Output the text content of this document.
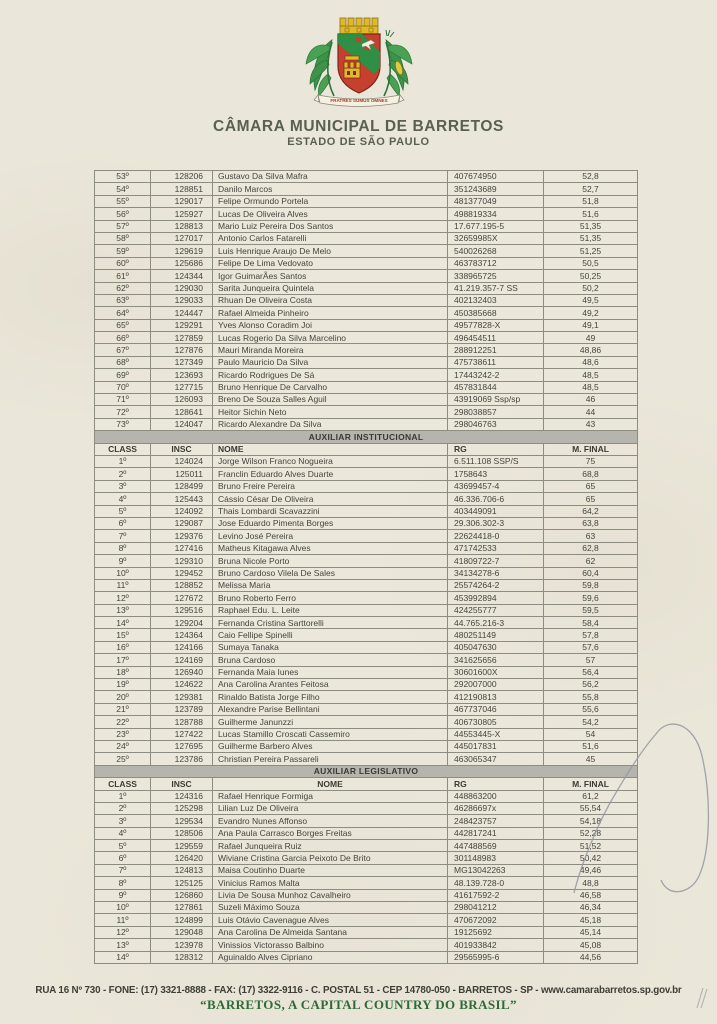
FRATRES SUMUS OMNES
CÂMARA MUNICIPAL DE BARRETOS
ESTADO DE SÃO PAULO
53º	128206	Gustavo Da Silva Mafra	407674950	52,8
54º	128851	Danilo Marcos	351243689	52,7
55º	129017	Felipe Ormundo Portela	481377049	51,8
56º	125927	Lucas De Oliveira Alves	498819334	51,6
57º	128813	Mario Luiz Pereira Dos Santos	17.677.195-5	51,35
58º	127017	Antonio Carlos Fatarelli	32659985X	51,35
59º	129619	Luis Henrique Araujo De Melo	540026268	51,25
60º	125686	Felipe De Lima Vedovato	463783712	50,5
61º	124344	Igor GuimarÃes Santos	338965725	50,25
62º	129030	Sarita Junqueira Quintela	41.219.357-7 SS	50,2
63º	129033	Rhuan De Oliveira Costa	402132403	49,5
64º	124447	Rafael Almeida Pinheiro	450385668	49,2
65º	129291	Yves Alonso Coradim Joi	49577828-X	49,1
66º	127859	Lucas Rogerio Da Silva Marcelino	496454511	49
67º	127876	Mauri Miranda Moreira	288912251	48,86
68º	127349	Paulo Mauricio Da Silva	475738611	48,6
69º	123693	Ricardo Rodrigues De Sá	17443242-2	48,5
70º	127715	Bruno Henrique De Carvalho	457831844	48,5
71º	126093	Breno De Souza Salles Aguil	43919069 Ssp/sp	46
72º	128641	Heitor Sichin Neto	298038857	44
73º	124047	Ricardo Alexandre Da Silva	298046763	43
AUXILIAR INSTITUCIONAL				
CLASS	INSC	NOME	RG	M. FINAL
1º	124024	Jorge Wilson Franco Nogueira	6.511.108 SSP/S	75
2º	125011	Franclin Eduardo Alves Duarte	1758643	68,8
3º	128499	Bruno Freire Pereira	43699457-4	65
4º	125443	Cássio César De Oliveira	46.336.706-6	65
5º	124092	Thais Lombardi Scavazzini	403449091	64,2
6º	129087	Jose Eduardo Pimenta Borges	29.306.302-3	63,8
7º	129376	Levino José Pereira	22624418-0	63
8º	127416	Matheus Kitagawa Alves	471742533	62,8
9º	129310	Bruna Nicole Porto	41809722-7	62
10º	129452	Bruno Cardoso Vilela De Sales	34134278-6	60,4
11º	128852	Melissa Maria	25574264-2	59,8
12º	127672	Bruno Roberto Ferro	453992894	59,6
13º	129516	Raphael Edu. L. Leite	424255777	59,5
14º	129204	Fernanda Cristina Sarttorelli	44.765.216-3	58,4
15º	124364	Caio Fellipe Spinelli	480251149	57,8
16º	124166	Sumaya Tanaka	405047630	57,6
17º	124169	Bruna Cardoso	341625656	57
18º	126940	Fernanda Maia Iunes	30601600X	56,4
19º	124622	Ana Carolina Arantes Feitosa	292007000	56,2
20º	129381	Rinaldo Batista Jorge Filho	412190813	55,8
21º	123789	Alexandre Parise Bellintani	467737046	55,6
22º	128788	Guilherme Janunzzi	406730805	54,2
23º	127422	Lucas Stamillo Croscati Cassemiro	44553445-X	54
24º	127695	Guilherme Barbero Alves	445017831	51,6
25º	123786	Christian Pereira Passareli	463065347	45
AUXILIAR LEGISLATIVO				
CLASS	INSC	NOME	RG	M. FINAL
1º	124316	Rafael Henrique Formiga	448863200	61,2
2º	125298	Lilian Luz De Oliveira	46286697x	55,54
3º	129534	Evandro Nunes Affonso	248423757	54,18
4º	128506	Ana Paula Carrasco Borges Freitas	442817241	52,28
5º	129559	Rafael Junqueira Ruiz	447488569	51,52
6º	126420	Wiviane Cristina Garcia Peixoto De Brito	301148983	50,42
7º	124813	Maisa Coutinho Duarte	MG13042263	49,46
8º	125125	Vinicius Ramos Malta	48.139.728-0	48,8
9º	126860	Livia De Sousa Munhoz Cavalheiro	41617592-2	46,58
10º	127861	Suzeli Máximo Souza	298041212	46,34
11º	124899	Luis Otávio Cavenague Alves	470672092	45,18
12º	129048	Ana Carolina De Almeida Santana	19125692	45,14
13º	123978	Vinissios Victorasso Balbino	401933842	45,08
14º	128312	Aguinaldo Alves Cipriano	29565995-6	44,56
RUA 16 Nº 730 - FONE: (17) 3321-8888 - FAX: (17) 3322-9116 - C. POSTAL 51 - CEP 14780-050 - BARRETOS - SP - www.camarabarretos.sp.gov.br
“BARRETOS, A CAPITAL COUNTRY DO BRASIL”
